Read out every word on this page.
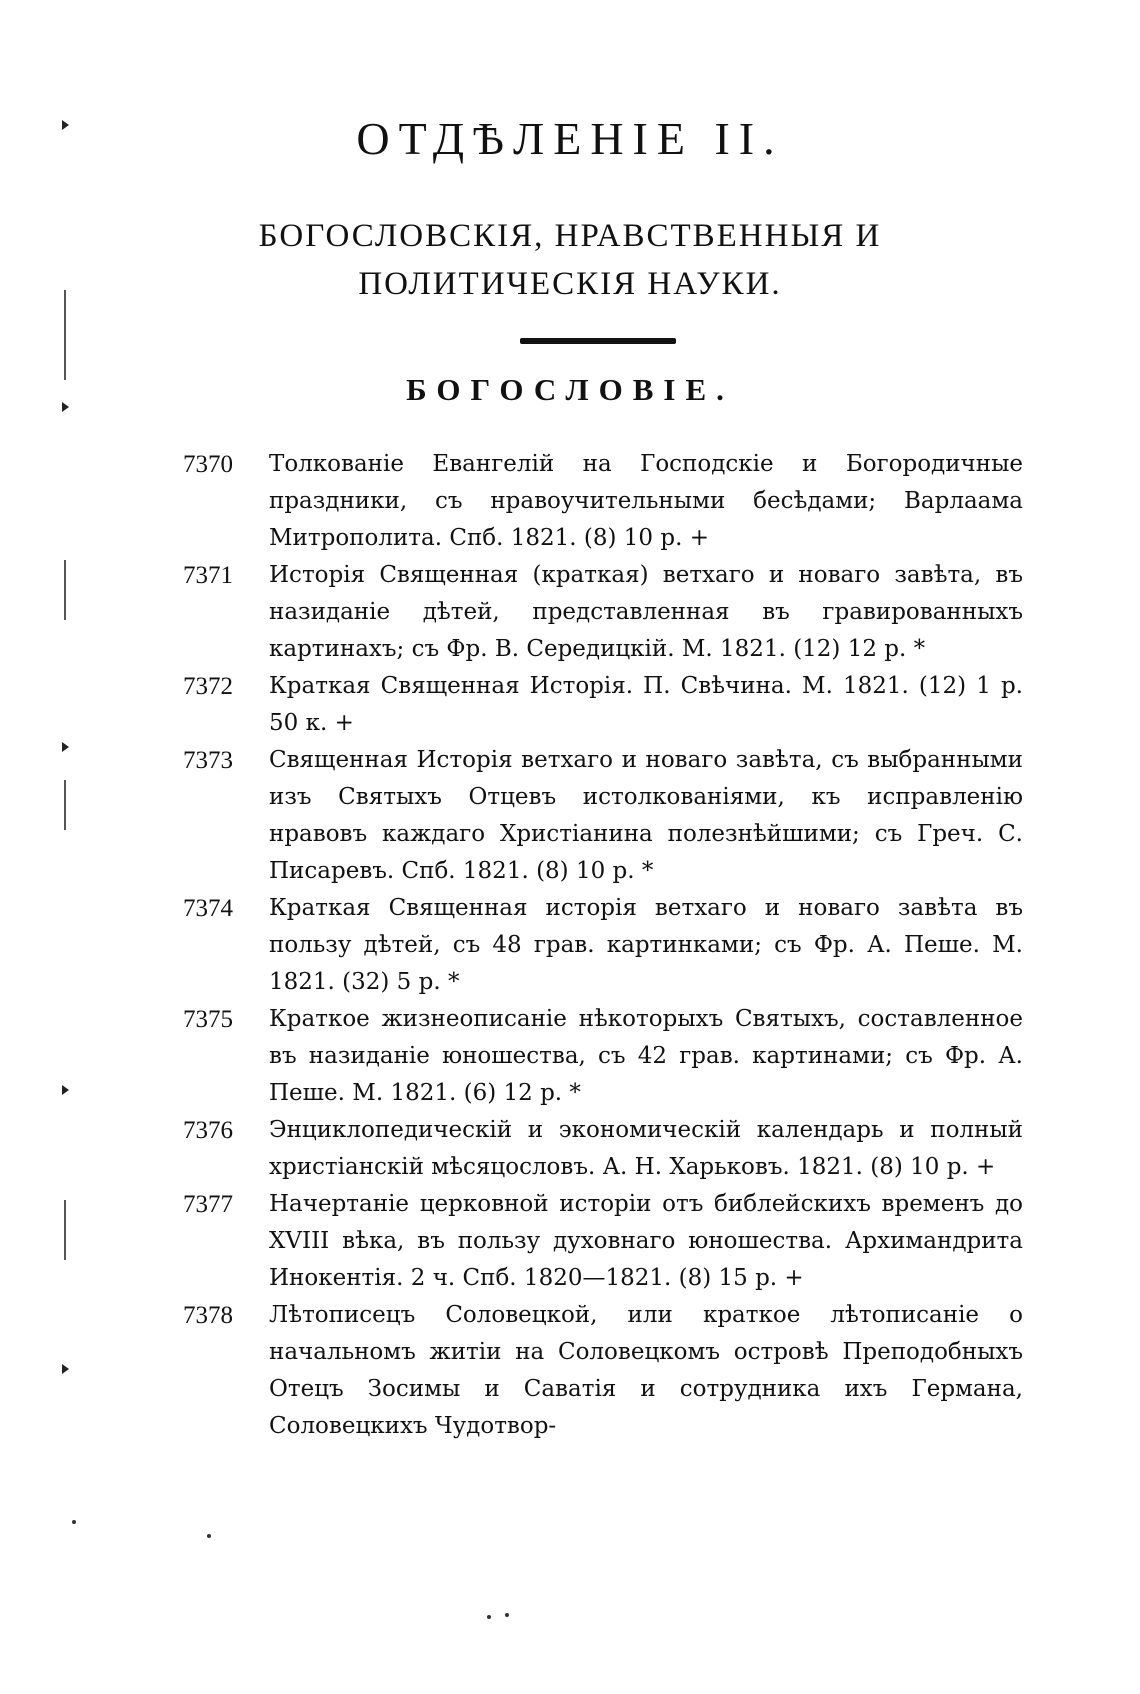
ОТДѢЛЕНІЕ II.
БОГОСЛОВСКІЯ, НРАВСТВЕННЫЯ И ПОЛИТИЧЕСКІЯ НАУКИ.
БОГОСЛОВІЕ.
7370	Толкованіе Евангелій на Господскіе и Богородичные праздники, съ нравоучительными бесѣдами; Варлаама Митрополита. Спб. 1821. (8) 10 р. +
7371	Исторія Священная (краткая) ветхаго и новаго завѣта, въ назиданіе дѣтей, представленная въ гравированныхъ картинахъ; съ Фр. В. Середицкій. М. 1821. (12) 12 р. *
7372	Краткая Священная Исторія. П. Свѣчина. М. 1821. (12) 1 р. 50 к. +
7373	Священная Исторія ветхаго и новаго завѣта, съ выбранными изъ Святыхъ Отцевъ истолкованіями, къ исправленію нравовъ каждаго Христіанина полезнѣйшими; съ Греч. С. Писаревъ. Спб. 1821. (8) 10 р. *
7374	Краткая Священная исторія ветхаго и новаго завѣта въ пользу дѣтей, съ 48 грав. картинками; съ Фр. А. Пеше. М. 1821. (32) 5 р. *
7375	Краткое жизнеописаніе нѣкоторыхъ Святыхъ, составленное въ назиданіе юношества, съ 42 грав. картинами; съ Фр. А. Пеше. М. 1821. (6) 12 р. *
7376	Энциклопедическій и экономическій календарь и полный христіанскій мѣсяцословъ. А. Н. Харьковъ. 1821. (8) 10 р. +
7377	Начертаніе церковной исторіи отъ библейскихъ временъ до XVIII вѣка, въ пользу духовнаго юношества. Архимандрита Инокентія. 2 ч. Спб. 1820—1821. (8) 15 р. +
7378	Лѣтописецъ Соловецкой, или краткое лѣтописаніе о начальномъ житіи на Соловецкомъ островѣ Преподобныхъ Отецъ Зосимы и Саватія и сотрудника ихъ Германа, Соловецкихъ Чудотвор-
